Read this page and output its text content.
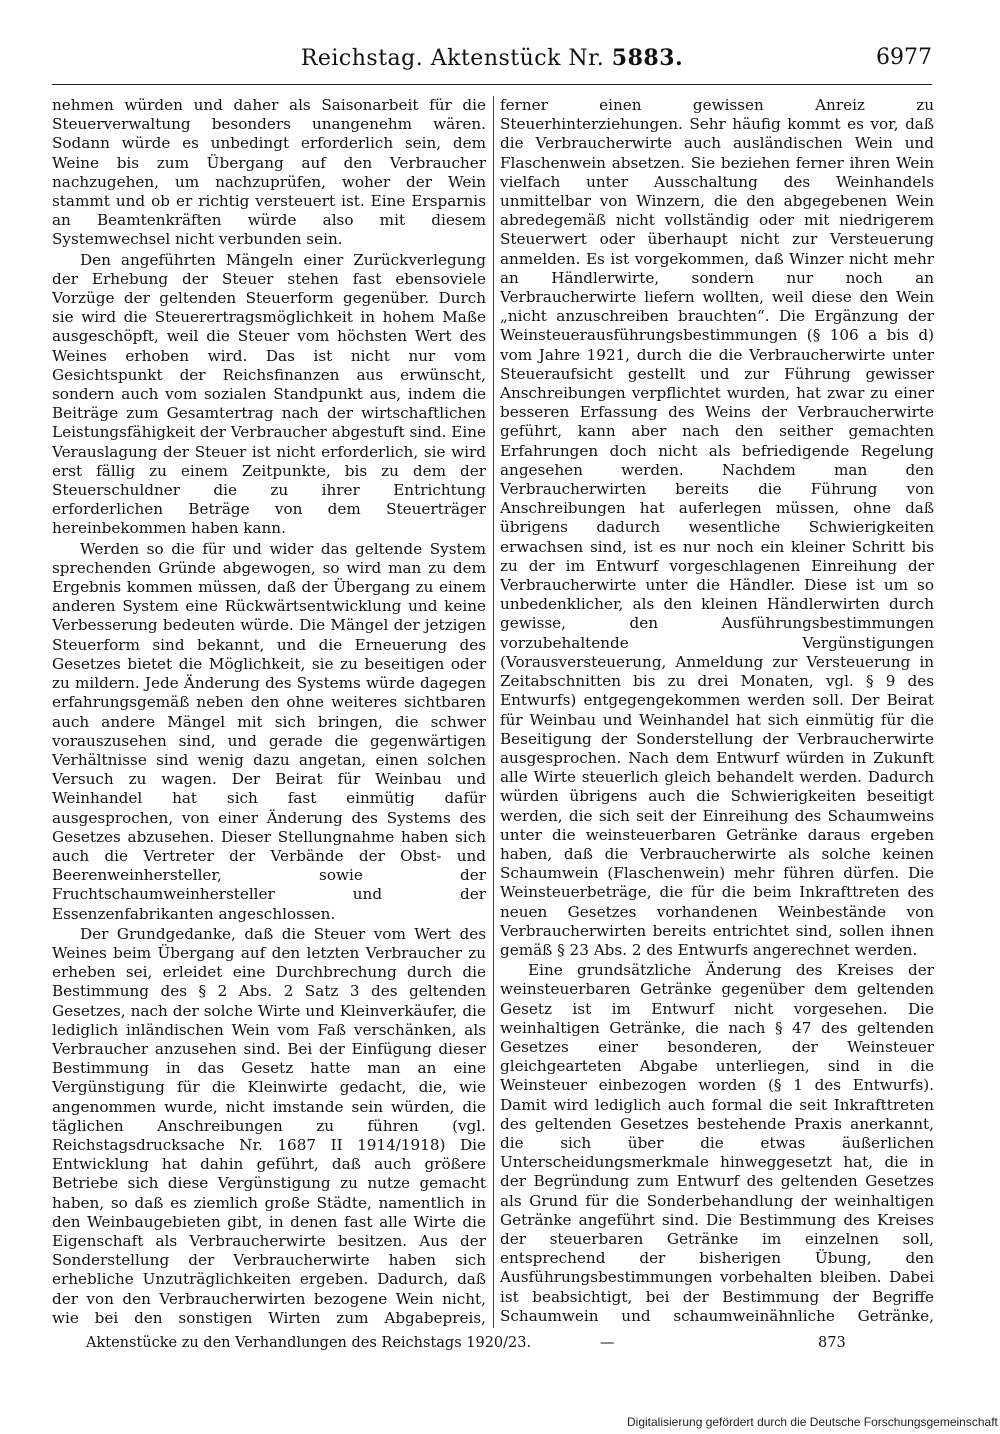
Reichstag. Aktenstück Nr. 5883.	6977

nehmen würden und daher als Saisonarbeit für die Steuerverwaltung besonders unangenehm wären. Sodann würde es unbedingt erforderlich sein, dem Weine bis zum Übergang auf den Verbraucher nachzugehen, um nachzuprüfen, woher der Wein stammt und ob er richtig versteuert ist. Eine Ersparnis an Beamtenkräften würde also mit diesem Systemwechsel nicht verbunden sein.

Den angeführten Mängeln einer Zurückverlegung der Erhebung der Steuer stehen fast ebensoviele Vorzüge der geltenden Steuerform gegenüber. Durch sie wird die Steuerertragsmöglichkeit in hohem Maße ausgeschöpft, weil die Steuer vom höchsten Wert des Weines erhoben wird. Das ist nicht nur vom Gesichtspunkt der Reichsfinanzen aus erwünscht, sondern auch vom sozialen Standpunkt aus, indem die Beiträge zum Gesamtertrag nach der wirtschaftlichen Leistungsfähigkeit der Verbraucher abgestuft sind. Eine Verauslagung der Steuer ist nicht erforderlich, sie wird erst fällig zu einem Zeitpunkte, bis zu dem der Steuerschuldner die zu ihrer Entrichtung erforderlichen Beträge von dem Steuerträger hereinbekommen haben kann.

Werden so die für und wider das geltende System sprechenden Gründe abgewogen, so wird man zu dem Ergebnis kommen müssen, daß der Übergang zu einem anderen System eine Rückwärtsentwicklung und keine Verbesserung bedeuten würde. Die Mängel der jetzigen Steuerform sind bekannt, und die Erneuerung des Gesetzes bietet die Möglichkeit, sie zu beseitigen oder zu mildern. Jede Änderung des Systems würde dagegen erfahrungsgemäß neben den ohne weiteres sichtbaren auch andere Mängel mit sich bringen, die schwer vorauszusehen sind, und gerade die gegenwärtigen Verhältnisse sind wenig dazu angetan, einen solchen Versuch zu wagen. Der Beirat für Weinbau und Weinhandel hat sich fast einmütig dafür ausgesprochen, von einer Änderung des Systems des Gesetzes abzusehen. Dieser Stellungnahme haben sich auch die Vertreter der Verbände der Obst- und Beerenweinhersteller, sowie der Fruchtschaumweinhersteller und der Essenzenfabrikanten angeschlossen.

Der Grundgedanke, daß die Steuer vom Wert des Weines beim Übergang auf den letzten Verbraucher zu erheben sei, erleidet eine Durchbrechung durch die Bestimmung des § 2 Abs. 2 Satz 3 des geltenden Gesetzes, nach der solche Wirte und Kleinverkäufer, die lediglich inländischen Wein vom Faß verschänken, als Verbraucher anzusehen sind. Bei der Einfügung dieser Bestimmung in das Gesetz hatte man an eine Vergünstigung für die Kleinwirte gedacht, die, wie angenommen wurde, nicht imstande sein würden, die täglichen Anschreibungen zu führen (vgl. Reichstagsdrucksache Nr. 1687 II 1914/1918) Die Entwicklung hat dahin geführt, daß auch größere Betriebe sich diese Vergünstigung zu nutze gemacht haben, so daß es ziemlich große Städte, namentlich in den Weinbaugebieten gibt, in denen fast alle Wirte die Eigenschaft als Verbraucherwirte besitzen. Aus der Sonderstellung der Verbraucherwirte haben sich erhebliche Unzuträglichkeiten ergeben. Dadurch, daß der von den Verbraucherwirten bezogene Wein nicht, wie bei den sonstigen Wirten zum Abgabepreis,

ferner einen gewissen Anreiz zu Steuerhinterziehungen. Sehr häufig kommt es vor, daß die Verbraucherwirte auch ausländischen Wein und Flaschenwein absetzen. Sie beziehen ferner ihren Wein vielfach unter Ausschaltung des Weinhandels unmittelbar von Winzern, die den abgegebenen Wein abredegemäß nicht vollständig oder mit niedrigerem Steuerwert oder überhaupt nicht zur Versteuerung anmelden. Es ist vorgekommen, daß Winzer nicht mehr an Händlerwirte, sondern nur noch an Verbraucherwirte liefern wollten, weil diese den Wein „nicht anzuschreiben brauchten“. Die Ergänzung der Weinsteuerausführungsbestimmungen (§ 106 a bis d) vom Jahre 1921, durch die die Verbraucherwirte unter Steueraufsicht gestellt und zur Führung gewisser Anschreibungen verpflichtet wurden, hat zwar zu einer besseren Erfassung des Weins der Verbraucherwirte geführt, kann aber nach den seither gemachten Erfahrungen doch nicht als befriedigende Regelung angesehen werden. Nachdem man den Verbraucherwirten bereits die Führung von Anschreibungen hat auferlegen müssen, ohne daß übrigens dadurch wesentliche Schwierigkeiten erwachsen sind, ist es nur noch ein kleiner Schritt bis zu der im Entwurf vorgeschlagenen Einreihung der Verbraucherwirte unter die Händler. Diese ist um so unbedenklicher, als den kleinen Händlerwirten durch gewisse, den Ausführungsbestimmungen vorzubehaltende Vergünstigungen (Vorausversteuerung, Anmeldung zur Versteuerung in Zeitabschnitten bis zu drei Monaten, vgl. § 9 des Entwurfs) entgegengekommen werden soll. Der Beirat für Weinbau und Weinhandel hat sich einmütig für die Beseitigung der Sonderstellung der Verbraucherwirte ausgesprochen. Nach dem Entwurf würden in Zukunft alle Wirte steuerlich gleich behandelt werden. Dadurch würden übrigens auch die Schwierigkeiten beseitigt werden, die sich seit der Einreihung des Schaumweins unter die weinsteuerbaren Getränke daraus ergeben haben, daß die Verbraucherwirte als solche keinen Schaumwein (Flaschenwein) mehr führen dürfen. Die Weinsteuerbeträge, die für die beim Inkrafttreten des neuen Gesetzes vorhandenen Weinbestände von Verbraucherwirten bereits entrichtet sind, sollen ihnen gemäß § 23 Abs. 2 des Entwurfs angerechnet werden.

Eine grundsätzliche Änderung des Kreises der weinsteuerbaren Getränke gegenüber dem geltenden Gesetz ist im Entwurf nicht vorgesehen. Die weinhaltigen Getränke, die nach § 47 des geltenden Gesetzes einer besonderen, der Weinsteuer gleichgearteten Abgabe unterliegen, sind in die Weinsteuer einbezogen worden (§ 1 des Entwurfs). Damit wird lediglich auch formal die seit Inkrafttreten des geltenden Gesetzes bestehende Praxis anerkannt, die sich über die etwas äußerlichen Unterscheidungsmerkmale hinweggesetzt hat, die in der Begründung zum Entwurf des geltenden Gesetzes als Grund für die Sonderbehandlung der weinhaltigen Getränke angeführt sind. Die Bestimmung des Kreises der steuerbaren Getränke im einzelnen soll, entsprechend der bisherigen Übung, den Ausführungsbestimmungen vorbehalten bleiben. Dabei ist beabsichtigt, bei der Bestimmung der Begriffe Schaumwein und schaumweinähnliche Getränke,

Aktenstücke zu den Verhandlungen des Reichstags 1920/23.	—	873
Digitalisierung gefördert durch die Deutsche Forschungsgemeinschaft
